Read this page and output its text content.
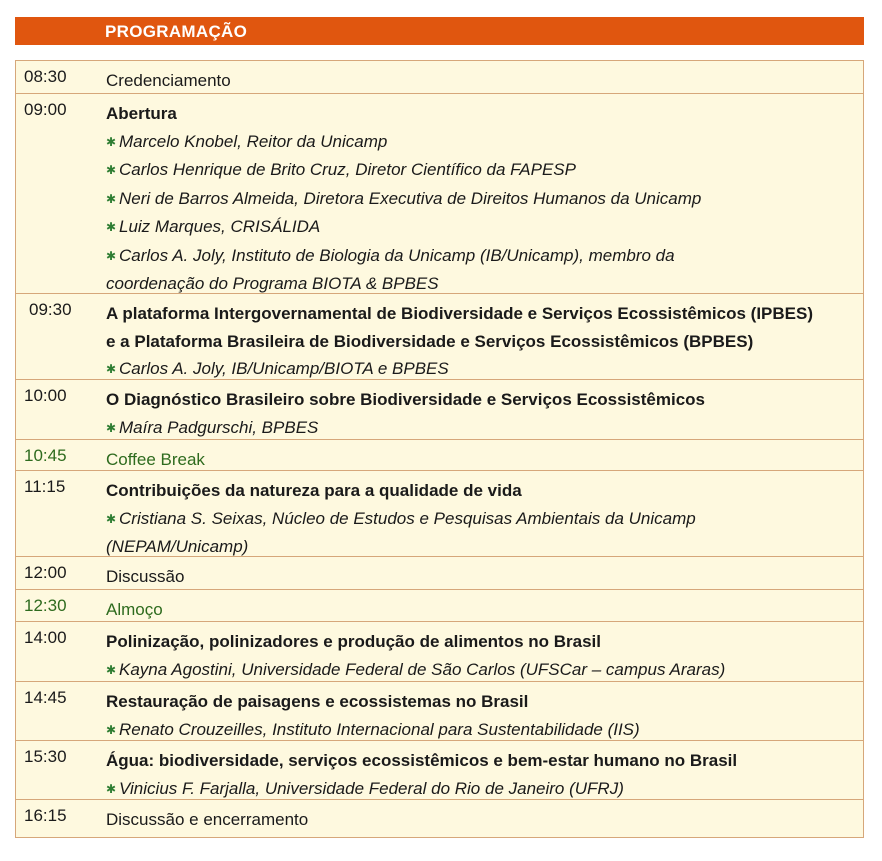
PROGRAMAÇÃO
08:30 Credenciamento
09:00 Abertura
✱ Marcelo Knobel, Reitor da Unicamp
✱ Carlos Henrique de Brito Cruz, Diretor Científico da FAPESP
✱ Neri de Barros Almeida, Diretora Executiva de Direitos Humanos da Unicamp
✱ Luiz Marques, CRISÁLIDA
✱ Carlos A. Joly, Instituto de Biologia da Unicamp (IB/Unicamp), membro da
coordenação do Programa BIOTA & BPBES
09:30 A plataforma Intergovernamental de Biodiversidade e Serviços Ecossistêmicos (IPBES)
e a Plataforma Brasileira de Biodiversidade e Serviços Ecossistêmicos (BPBES)
✱ Carlos A. Joly, IB/Unicamp/BIOTA e BPBES
10:00 O Diagnóstico Brasileiro sobre Biodiversidade e Serviços Ecossistêmicos
✱ Maíra Padgurschi, BPBES
10:45 Coffee Break
11:15 Contribuições da natureza para a qualidade de vida
✱ Cristiana S. Seixas, Núcleo de Estudos e Pesquisas Ambientais da Unicamp
(NEPAM/Unicamp)
12:00 Discussão
12:30 Almoço
14:00 Polinização, polinizadores e produção de alimentos no Brasil
✱ Kayna Agostini, Universidade Federal de São Carlos (UFSCar – campus Araras)
14:45 Restauração de paisagens e ecossistemas no Brasil
✱ Renato Crouzeilles, Instituto Internacional para Sustentabilidade (IIS)
15:30 Água: biodiversidade, serviços ecossistêmicos e bem-estar humano no Brasil
✱ Vinicius F. Farjalla, Universidade Federal do Rio de Janeiro (UFRJ)
16:15 Discussão e encerramento
